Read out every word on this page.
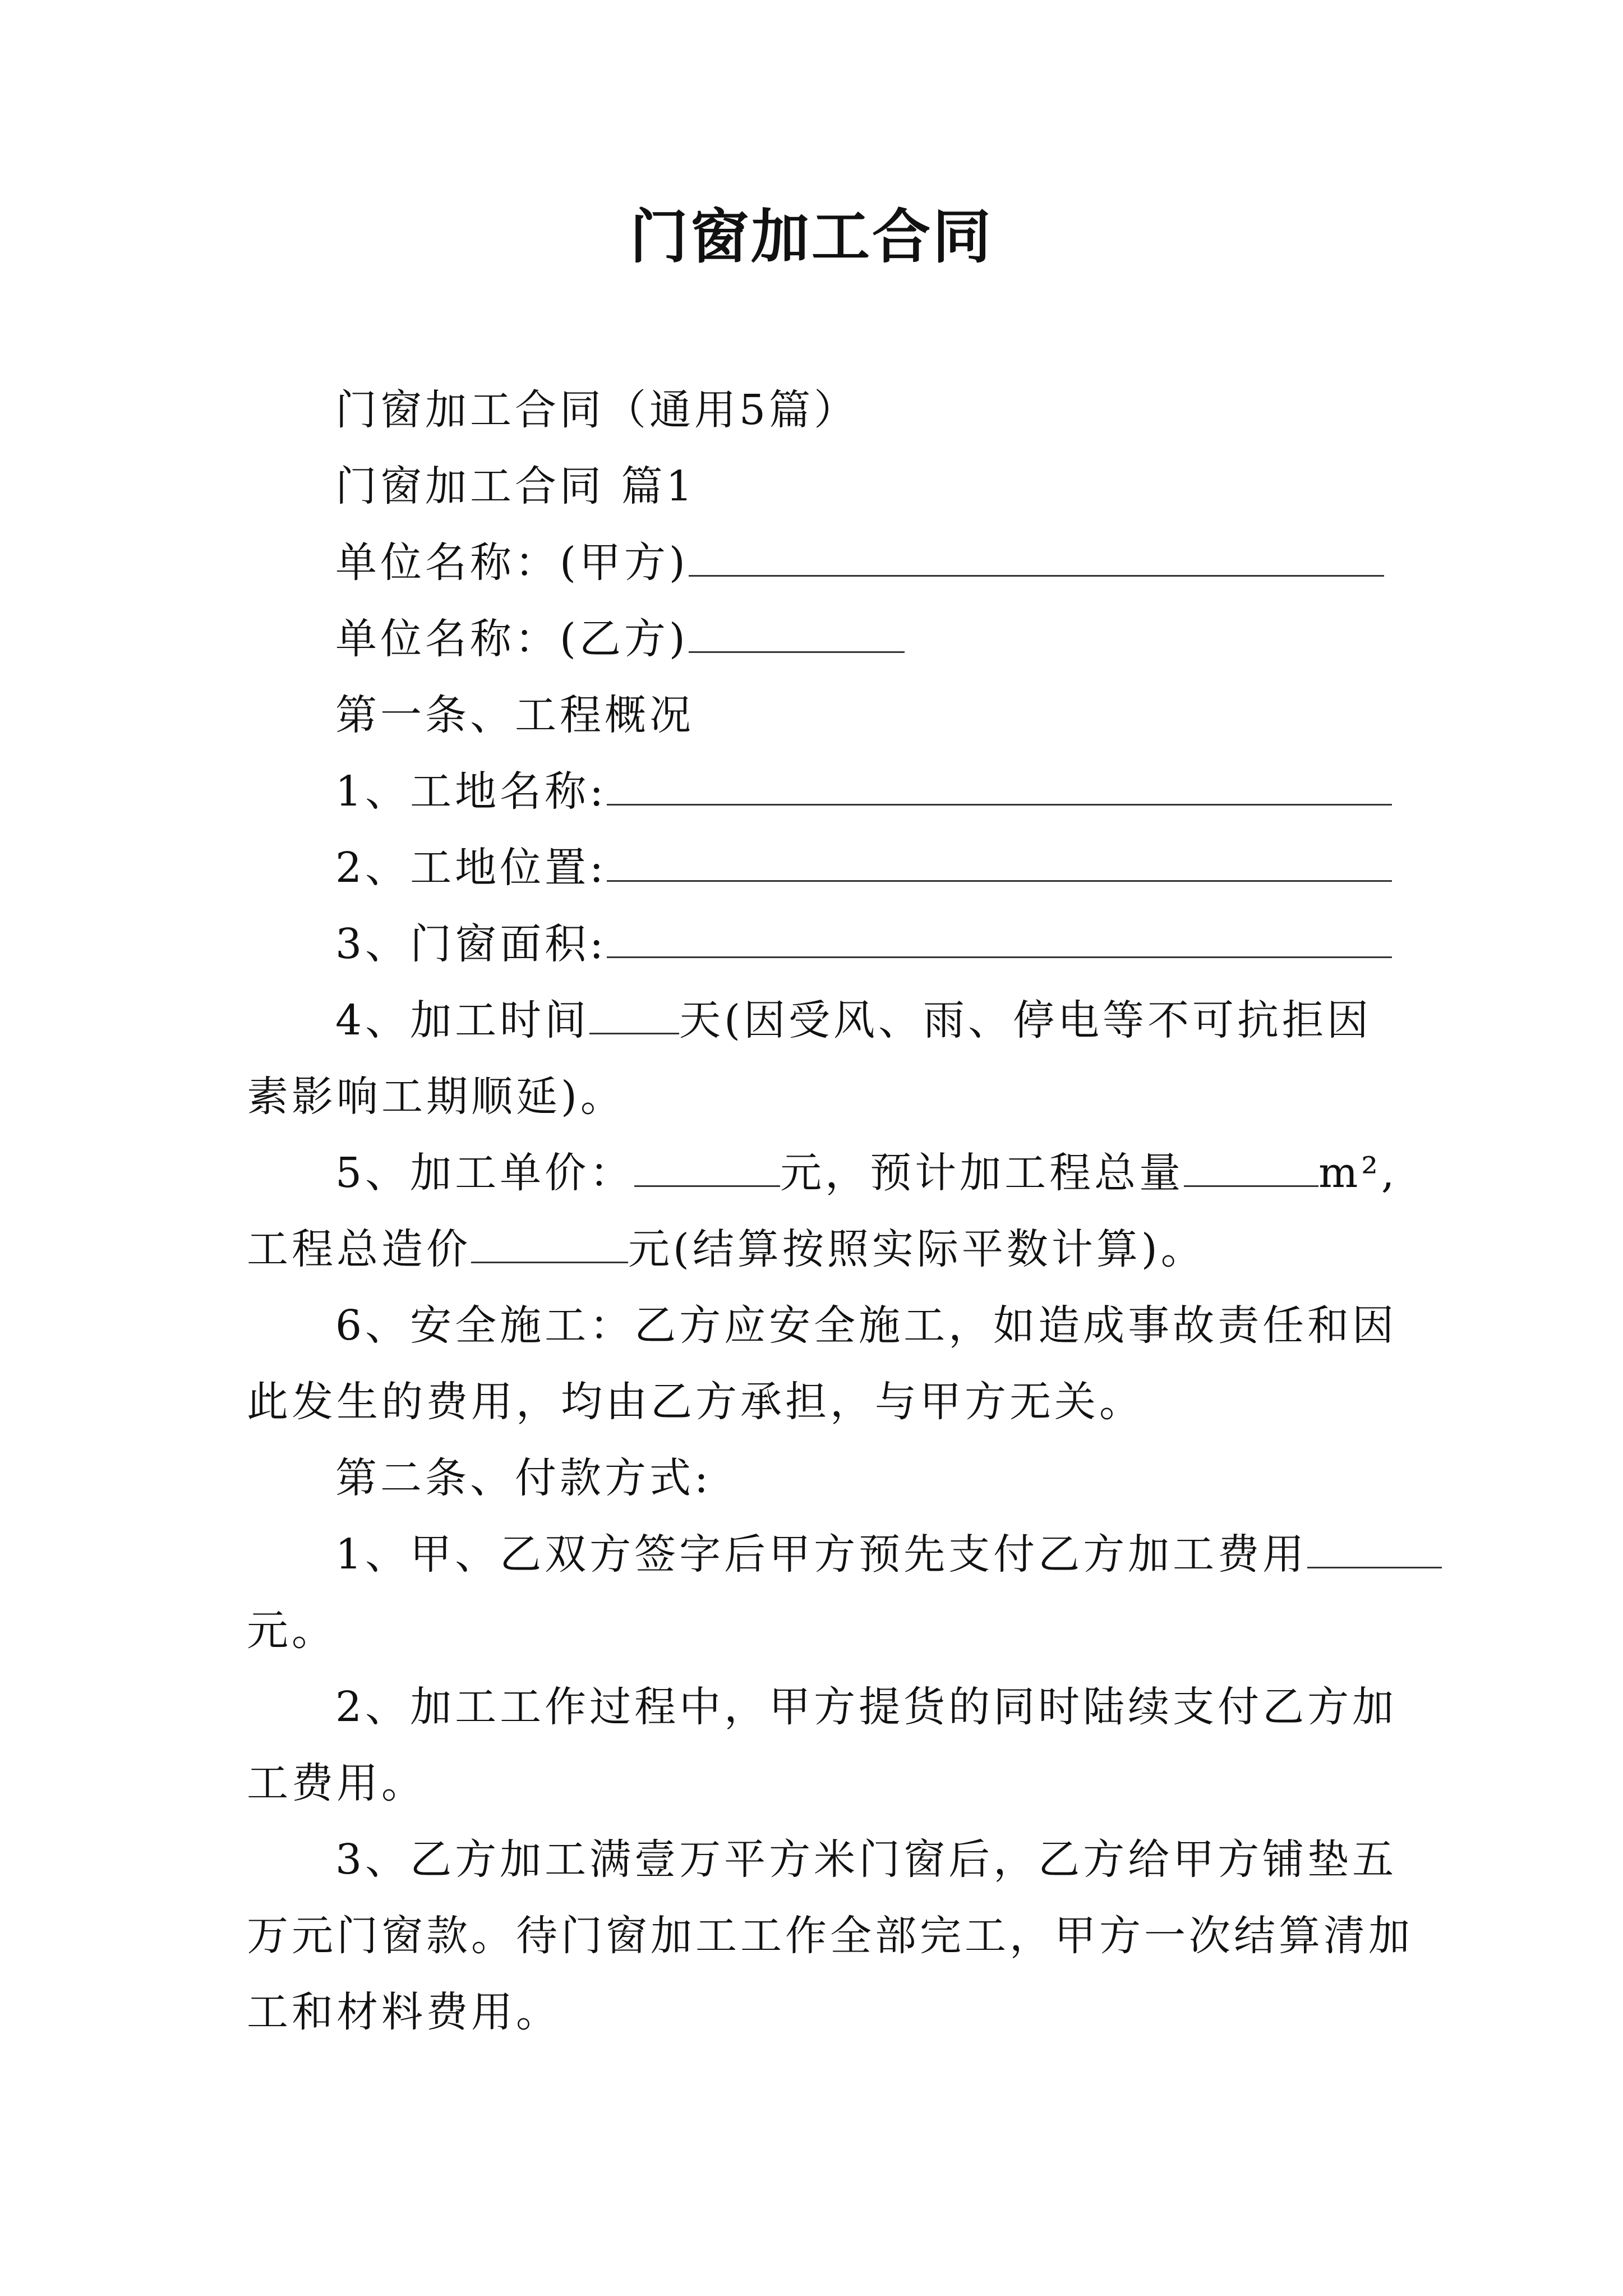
门窗加工合同
门窗加工合同（通用5篇）
门窗加工合同 篇1
单位名称：(甲方)
单位名称：(乙方)
第一条、工程概况
1、工地名称:
2、工地位置:
3、门窗面积:
4、加工时间 天(因受风、雨、停电等不可抗拒因
素影响工期顺延)。
5、加工单价：	元，预计加工程总量	m²,
工程总造价	元(结算按照实际平数计算)。
6、安全施工：乙方应安全施工，如造成事故责任和因
此发生的费用，均由乙方承担，与甲方无关。
第二条、付款方式:
1、甲、乙双方签字后甲方预先支付乙方加工费用
元。
2、加工工作过程中，甲方提货的同时陆续支付乙方加
工费用。
3、乙方加工满壹万平方米门窗后，乙方给甲方铺垫五
万元门窗款。待门窗加工工作全部完工，甲方一次结算清加
工和材料费用。
